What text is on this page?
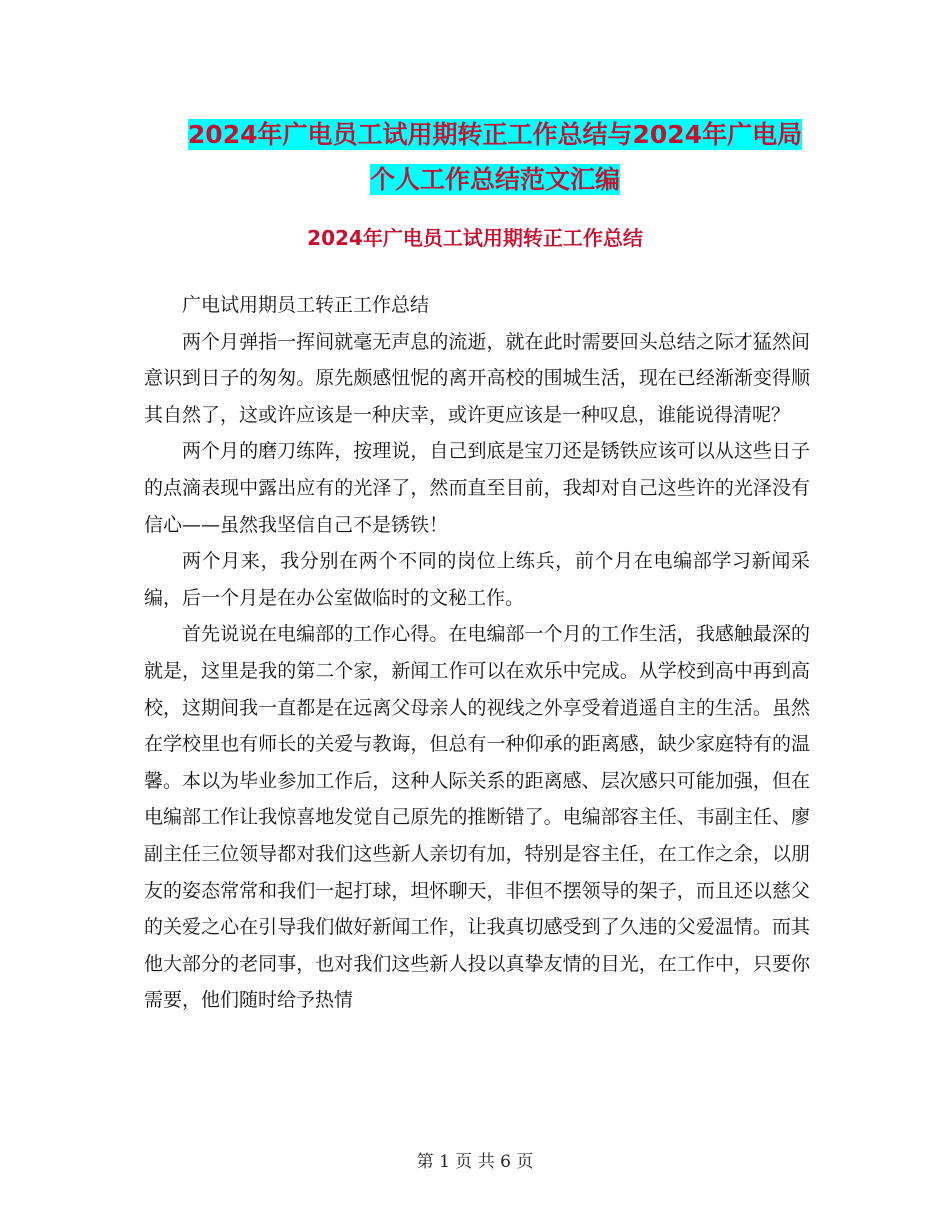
2024年广电员工试用期转正工作总结与2024年广电局
个人工作总结范文汇编
2024年广电员工试用期转正工作总结

广电试用期员工转正工作总结

两个月弹指一挥间就毫无声息的流逝，就在此时需要回头总结之际才猛然间意识到日子的匆匆。原先颇感忸怩的离开高校的围城生活，现在已经渐渐变得顺其自然了，这或许应该是一种庆幸，或许更应该是一种叹息，谁能说得清呢？

两个月的磨刀练阵，按理说，自己到底是宝刀还是锈铁应该可以从这些日子的点滴表现中露出应有的光泽了，然而直至目前，我却对自己这些许的光泽没有信心——虽然我坚信自己不是锈铁！

两个月来，我分别在两个不同的岗位上练兵，前个月在电编部学习新闻采编，后一个月是在办公室做临时的文秘工作。

首先说说在电编部的工作心得。在电编部一个月的工作生活，我感触最深的就是，这里是我的第二个家，新闻工作可以在欢乐中完成。从学校到高中再到高校，这期间我一直都是在远离父母亲人的视线之外享受着逍遥自主的生活。虽然在学校里也有师长的关爱与教诲，但总有一种仰承的距离感，缺少家庭特有的温馨。本以为毕业参加工作后，这种人际关系的距离感、层次感只可能加强，但在电编部工作让我惊喜地发觉自己原先的推断错了。电编部容主任、韦副主任、廖副主任三位领导都对我们这些新人亲切有加，特别是容主任，在工作之余，以朋友的姿态常常和我们一起打球，坦怀聊天，非但不摆领导的架子，而且还以慈父的关爱之心在引导我们做好新闻工作，让我真切感受到了久违的父爱温情。而其他大部分的老同事，也对我们这些新人投以真挚友情的目光，在工作中，只要你需要，他们随时给予热情

第 1 页 共 6 页
